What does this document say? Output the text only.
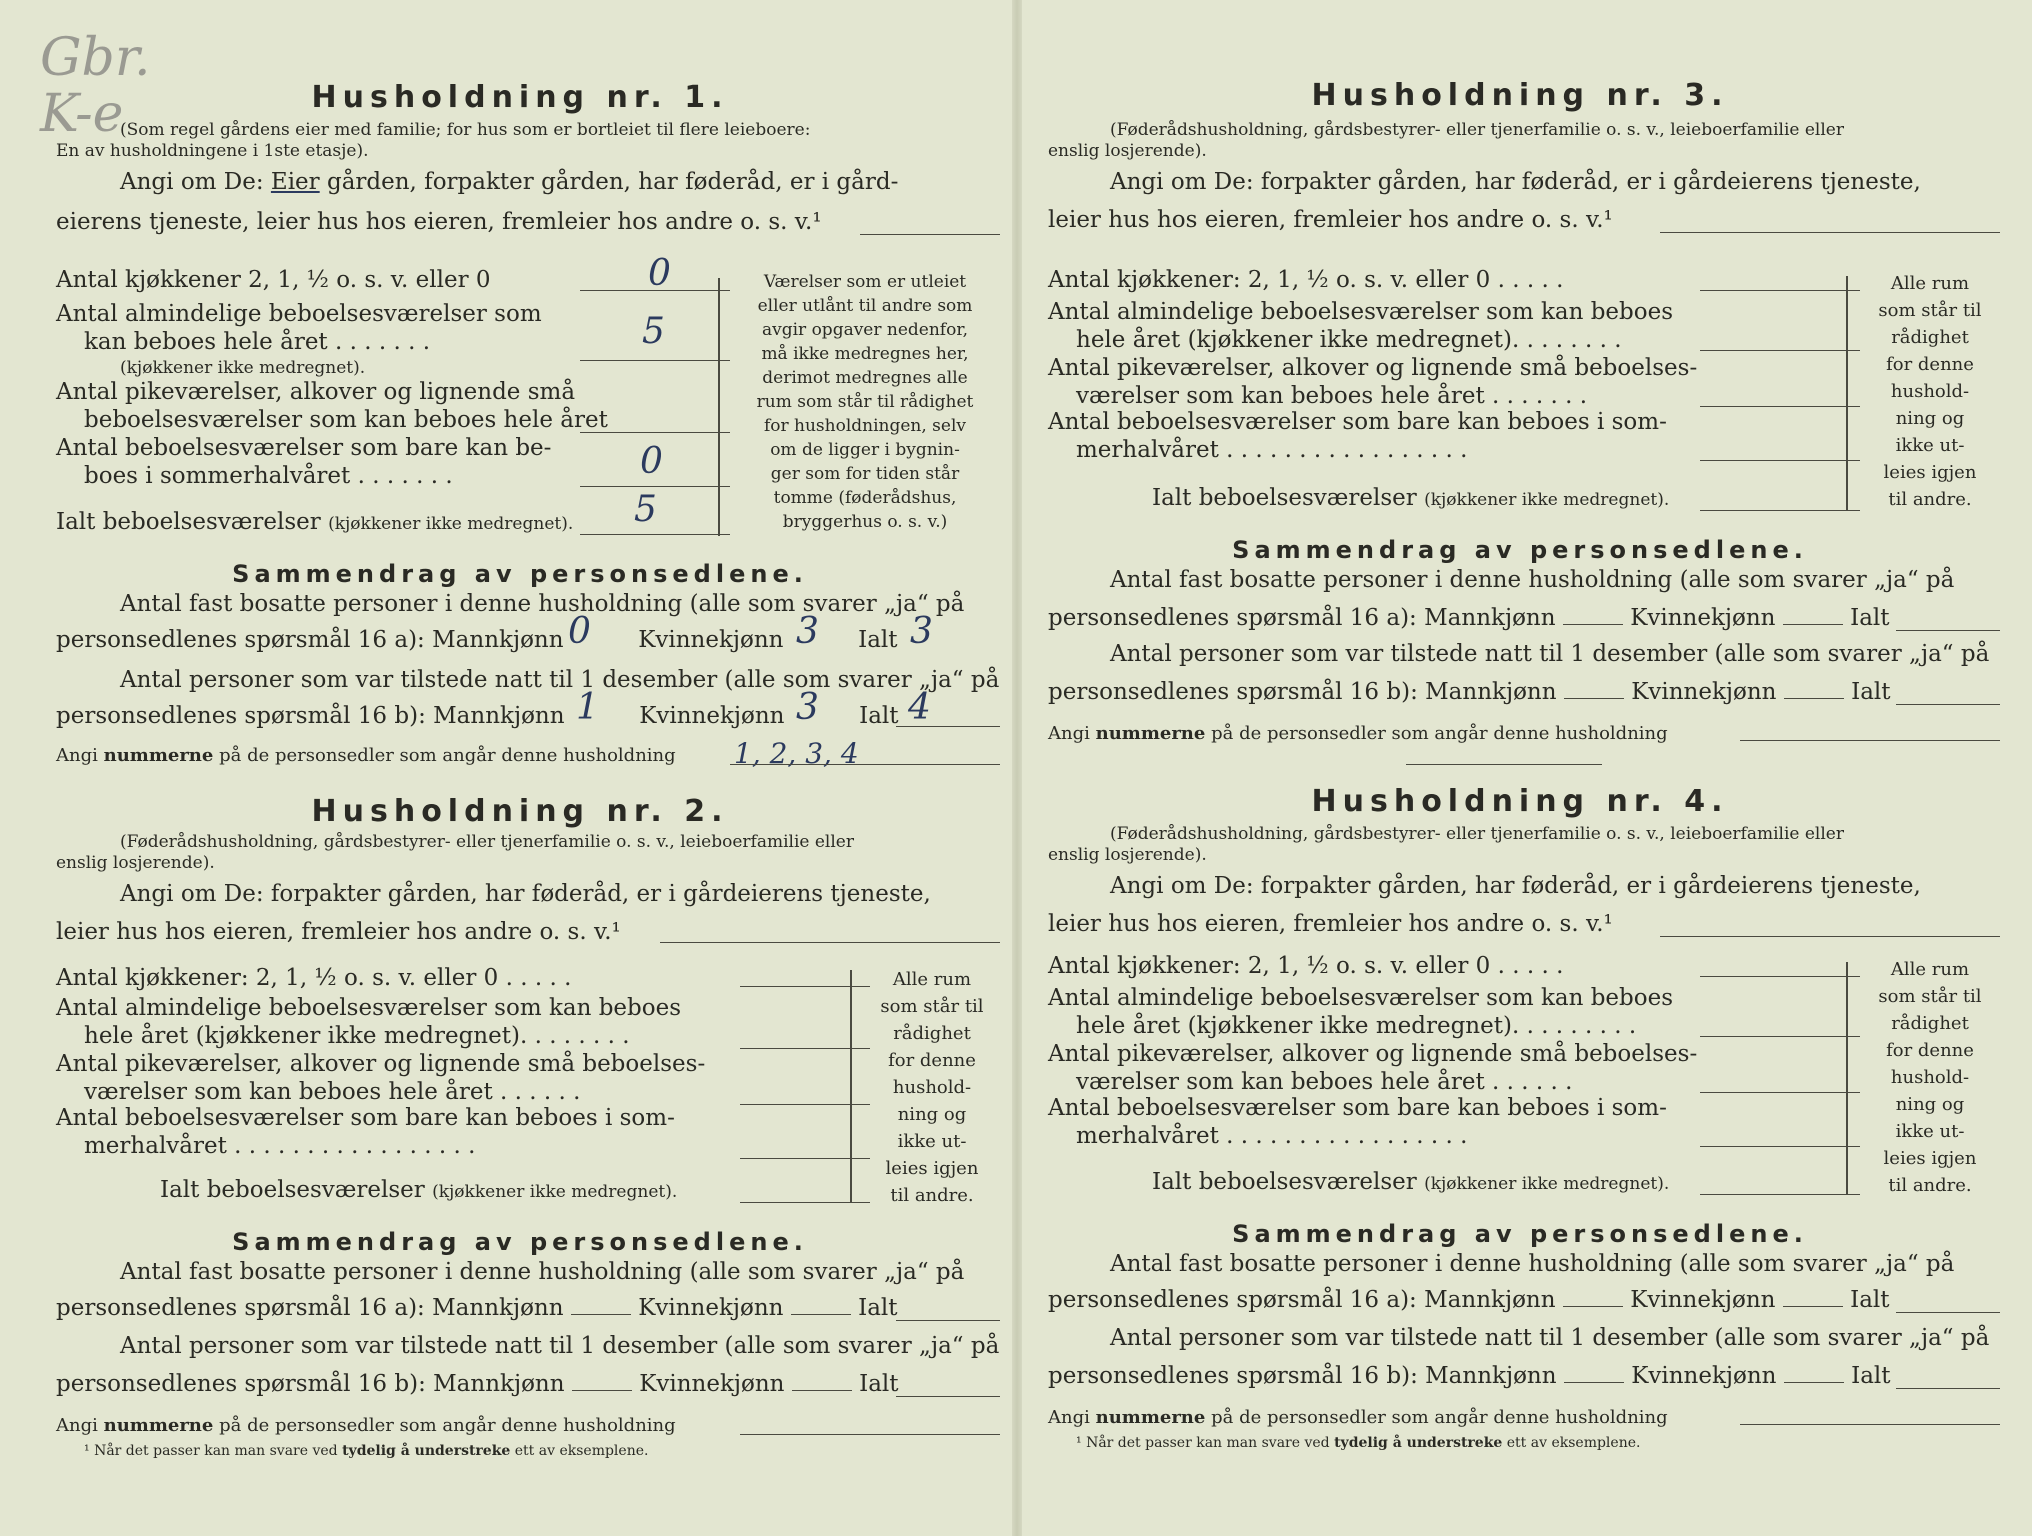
Gbr.
K-e	Husholdning nr. 1.
(Som regel gårdens eier med familie; for hus som er bortleiet til flere leieboere:
En av husholdningene i 1ste etasje).
Angi om De: Eier gården, forpakter gården, har føderåd, er i gård-
eierens tjeneste, leier hus hos eieren, fremleier hos andre o. s. v.¹
Antal kjøkkener 2, 1, ½ o. s. v. eller 0	0
Antal almindelige beboelsesværelser som
kan beboes hele året . . . . . . .
(kjøkkener ikke medregnet).
5
Antal pikeværelser, alkover og lignende små
beboelsesværelser som kan beboes hele året
Antal beboelsesværelser som bare kan be-
boes i sommerhalvåret . . . . . . .	0
Ialt beboelsesværelser (kjøkkener ikke medregnet). 5
Værelser som er utleiet
eller utlånt til andre som
avgir opgaver nedenfor,
må ikke medregnes her,
derimot medregnes alle
rum som står til rådighet
for husholdningen, selv
om de ligger i bygnin-
ger som for tiden står
tomme (føderådshus,
bryggerhus o. s. v.)
Sammendrag av personsedlene.
Antal fast bosatte personer i denne husholdning (alle som svarer „ja“ på
personsedlenes spørsmål 16 a): Mannkjønn	Kvinnekjønn	Ialt
0	3	3
Antal personer som var tilstede natt til 1 desember (alle som svarer „ja“ på
personsedlenes spørsmål 16 b): Mannkjønn	Kvinnekjønn	Ialt
1	3 4
Angi nummerne på de personsedler som angår denne husholdning 1, 2, 3, 4
Husholdning nr. 2.
(Føderådshusholdning, gårdsbestyrer- eller tjenerfamilie o. s. v., leieboerfamilie eller
enslig losjerende).
Angi om De: forpakter gården, har føderåd, er i gårdeierens tjeneste,
leier hus hos eieren, fremleier hos andre o. s. v.¹
Antal kjøkkener: 2, 1, ½ o. s. v. eller 0 . . . . .
Antal almindelige beboelsesværelser som kan beboes
hele året (kjøkkener ikke medregnet). . . . . . . .
Antal pikeværelser, alkover og lignende små beboelses-
værelser som kan beboes hele året . . . . . .
Antal beboelsesværelser som bare kan beboes i som-
merhalvåret . . . . . . . . . . . . . . . . .
Ialt beboelsesværelser (kjøkkener ikke medregnet).
Alle rum
som står til
rådighet
for denne
hushold-
ning og
ikke ut-
leies igjen
til andre.
Sammendrag av personsedlene.
Antal fast bosatte personer i denne husholdning (alle som svarer „ja“ på
personsedlenes spørsmål 16 a): Mannkjønn	Kvinnekjønn	Ialt
Antal personer som var tilstede natt til 1 desember (alle som svarer „ja“ på
personsedlenes spørsmål 16 b): Mannkjønn	Kvinnekjønn	Ialt
Angi nummerne på de personsedler som angår denne husholdning
¹ Når det passer kan man svare ved tydelig å understreke ett av eksemplene.
Husholdning nr. 3.
(Føderådshusholdning, gårdsbestyrer- eller tjenerfamilie o. s. v., leieboerfamilie eller
enslig losjerende).
Angi om De: forpakter gården, har føderåd, er i gårdeierens tjeneste,
leier hus hos eieren, fremleier hos andre o. s. v.¹
Antal kjøkkener: 2, 1, ½ o. s. v. eller 0 . . . . .
Antal almindelige beboelsesværelser som kan beboes
hele året (kjøkkener ikke medregnet). . . . . . . .
Antal pikeværelser, alkover og lignende små beboelses-
værelser som kan beboes hele året . . . . . . .
Antal beboelsesværelser som bare kan beboes i som-
merhalvåret . . . . . . . . . . . . . . . . .
Ialt beboelsesværelser (kjøkkener ikke medregnet).
Alle rum
som står til
rådighet
for denne
hushold-
ning og
ikke ut-
leies igjen
til andre.
Sammendrag av personsedlene.
Antal fast bosatte personer i denne husholdning (alle som svarer „ja“ på
personsedlenes spørsmål 16 a): Mannkjønn	Kvinnekjønn	Ialt
Antal personer som var tilstede natt til 1 desember (alle som svarer „ja“ på
personsedlenes spørsmål 16 b): Mannkjønn	Kvinnekjønn	Ialt
Angi nummerne på de personsedler som angår denne husholdning
Husholdning nr. 4.
(Føderådshusholdning, gårdsbestyrer- eller tjenerfamilie o. s. v., leieboerfamilie eller
enslig losjerende).
Angi om De: forpakter gården, har føderåd, er i gårdeierens tjeneste,
leier hus hos eieren, fremleier hos andre o. s. v.¹
Antal kjøkkener: 2, 1, ½ o. s. v. eller 0 . . . . .
Antal almindelige beboelsesværelser som kan beboes
hele året (kjøkkener ikke medregnet). . . . . . . . .
Antal pikeværelser, alkover og lignende små beboelses-
værelser som kan beboes hele året . . . . . .
Antal beboelsesværelser som bare kan beboes i som-
merhalvåret . . . . . . . . . . . . . . . . .
Ialt beboelsesværelser (kjøkkener ikke medregnet).
Alle rum
som står til
rådighet
for denne
hushold-
ning og
ikke ut-
leies igjen
til andre.
Sammendrag av personsedlene.
Antal fast bosatte personer i denne husholdning (alle som svarer „ja“ på
personsedlenes spørsmål 16 a): Mannkjønn	Kvinnekjønn	Ialt
Antal personer som var tilstede natt til 1 desember (alle som svarer „ja“ på
personsedlenes spørsmål 16 b): Mannkjønn	Kvinnekjønn	Ialt
Angi nummerne på de personsedler som angår denne husholdning
¹ Når det passer kan man svare ved tydelig å understreke ett av eksemplene.
